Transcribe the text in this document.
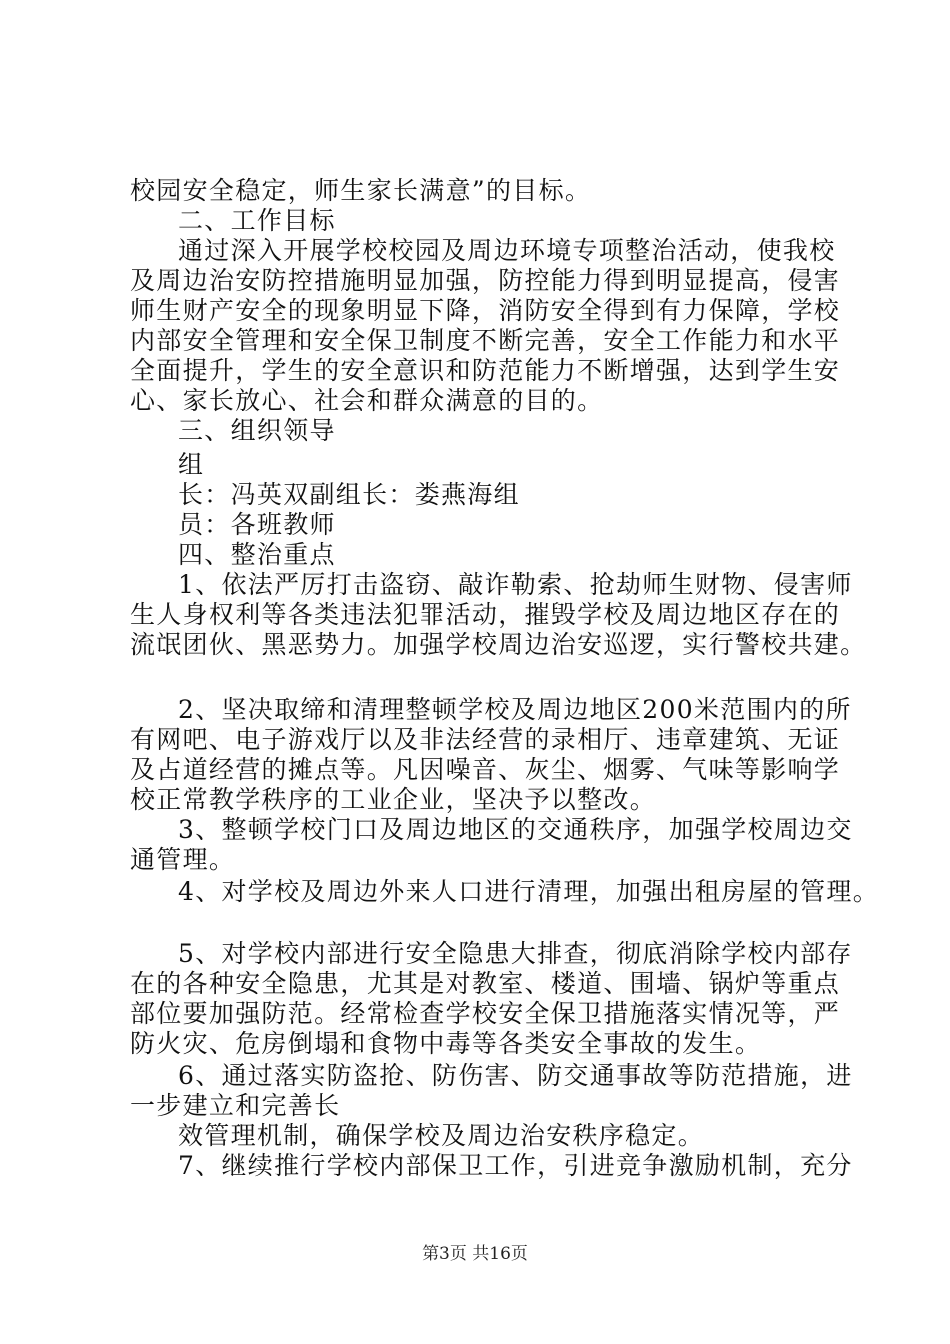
校园安全稳定，师生家长满意”的目标。
二、工作目标
通过深入开展学校校园及周边环境专项整治活动，使我校
及周边治安防控措施明显加强，防控能力得到明显提高，侵害
师生财产安全的现象明显下降，消防安全得到有力保障，学校
内部安全管理和安全保卫制度不断完善，安全工作能力和水平
全面提升，学生的安全意识和防范能力不断增强，达到学生安
心、家长放心、社会和群众满意的目的。
三、组织领导
组
长：冯英双副组长：娄燕海组
员：各班教师
四、整治重点
1、依法严厉打击盗窃、敲诈勒索、抢劫师生财物、侵害师
生人身权利等各类违法犯罪活动，摧毁学校及周边地区存在的
流氓团伙、黑恶势力。加强学校周边治安巡逻，实行警校共建。
2、坚决取缔和清理整顿学校及周边地区200米范围内的所
有网吧、电子游戏厅以及非法经营的录相厅、违章建筑、无证
及占道经营的摊点等。凡因噪音、灰尘、烟雾、气味等影响学
校正常教学秩序的工业企业，坚决予以整改。
3、整顿学校门口及周边地区的交通秩序，加强学校周边交
通管理。
4、对学校及周边外来人口进行清理，加强出租房屋的管理。
5、对学校内部进行安全隐患大排查，彻底消除学校内部存
在的各种安全隐患，尤其是对教室、楼道、围墙、锅炉等重点
部位要加强防范。经常检查学校安全保卫措施落实情况等，严
防火灾、危房倒塌和食物中毒等各类安全事故的发生。
6、通过落实防盗抢、防伤害、防交通事故等防范措施，进
一步建立和完善长
效管理机制，确保学校及周边治安秩序稳定。
7、继续推行学校内部保卫工作，引进竞争激励机制，充分
第3页 共16页
